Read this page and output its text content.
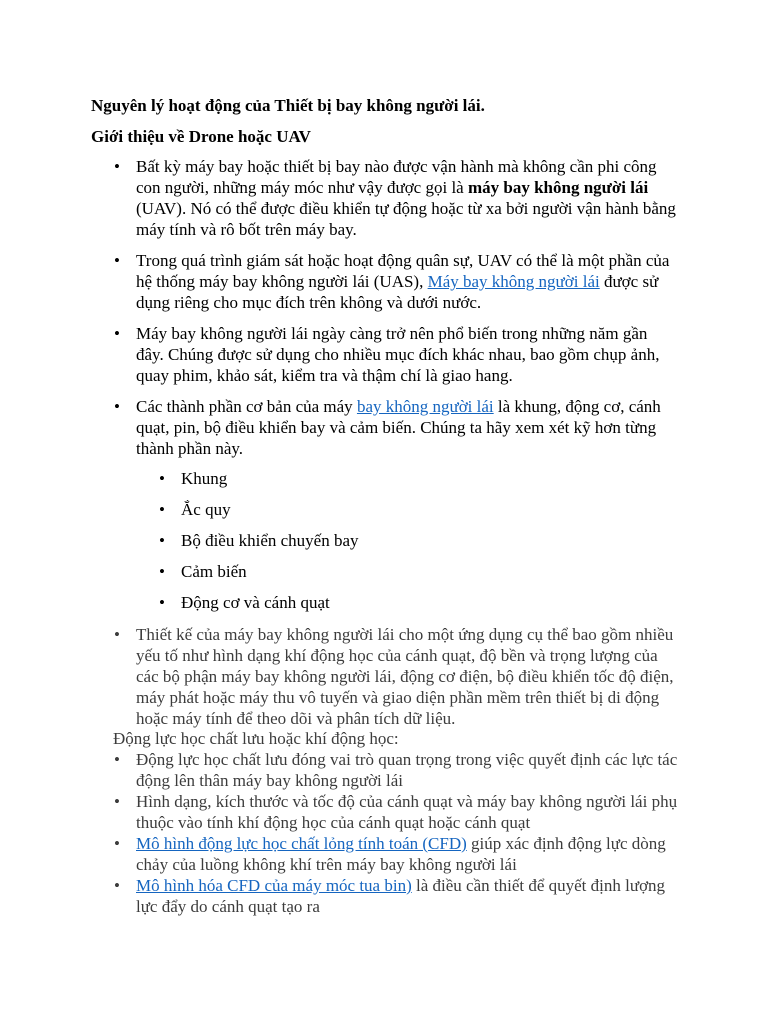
Nguyên lý hoạt động của Thiết bị bay không người lái.

Giới thiệu về Drone hoặc UAV

• Bất kỳ máy bay hoặc thiết bị bay nào được vận hành mà không cần phi công con người, những máy móc như vậy được gọi là máy bay không người lái (UAV). Nó có thể được điều khiển tự động hoặc từ xa bởi người vận hành bằng máy tính và rô bốt trên máy bay.
• Trong quá trình giám sát hoặc hoạt động quân sự, UAV có thể là một phần của hệ thống máy bay không người lái (UAS), Máy bay không người lái được sử dụng riêng cho mục đích trên không và dưới nước.
• Máy bay không người lái ngày càng trở nên phổ biến trong những năm gần đây. Chúng được sử dụng cho nhiều mục đích khác nhau, bao gồm chụp ảnh, quay phim, khảo sát, kiểm tra và thậm chí là giao hang.
• Các thành phần cơ bản của máy bay không người lái là khung, động cơ, cánh quạt, pin, bộ điều khiển bay và cảm biến. Chúng ta hãy xem xét kỹ hơn từng thành phần này.
• Khung
• Ắc quy
• Bộ điều khiển chuyến bay
• Cảm biến
• Động cơ và cánh quạt
• Thiết kế của máy bay không người lái cho một ứng dụng cụ thể bao gồm nhiều yếu tố như hình dạng khí động học của cánh quạt, độ bền và trọng lượng của các bộ phận máy bay không người lái, động cơ điện, bộ điều khiển tốc độ điện, máy phát hoặc máy thu vô tuyến và giao diện phần mềm trên thiết bị di động hoặc máy tính để theo dõi và phân tích dữ liệu.

Động lực học chất lưu hoặc khí động học:

• Động lực học chất lưu đóng vai trò quan trọng trong việc quyết định các lực tác động lên thân máy bay không người lái
• Hình dạng, kích thước và tốc độ của cánh quạt và máy bay không người lái phụ thuộc vào tính khí động học của cánh quạt hoặc cánh quạt
• Mô hình động lực học chất lỏng tính toán (CFD) giúp xác định động lực dòng chảy của luồng không khí trên máy bay không người lái
• Mô hình hóa CFD của máy móc tua bin) là điều cần thiết để quyết định lượng lực đẩy do cánh quạt tạo ra
